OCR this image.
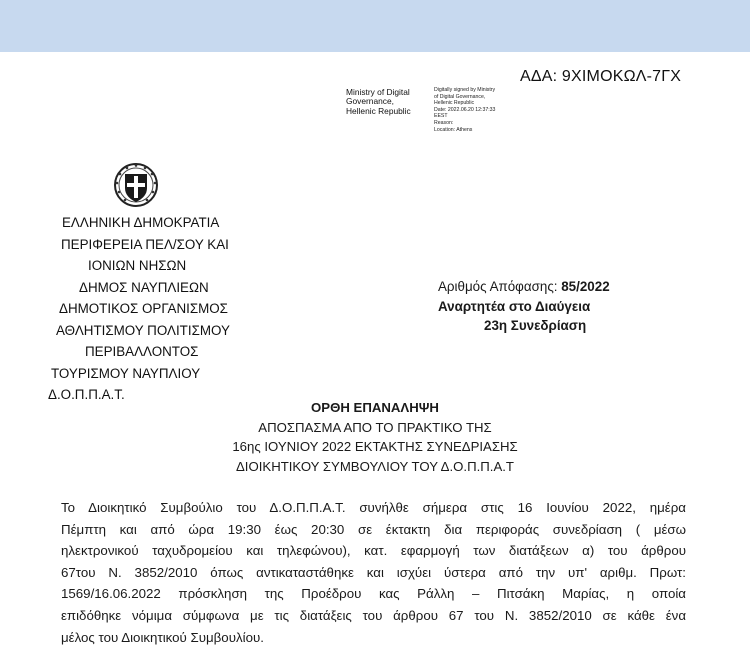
ΑΔΑ: 9ΧΙΜΟΚΩΛ-7ΓΧ
Ministry of Digital
Governance,
Hellenic Republic
Digitally signed by Ministry
of Digital Governance,
Hellenic Republic
Date: 2022.06.20 12:37:33
EEST
Reason:
Location: Athens
ΕΛΛΗΝΙΚΗ ΔΗΜΟΚΡΑΤΙΑ
ΠΕΡΙΦΕΡΕΙΑ ΠΕΛ/ΣΟΥ ΚΑΙ
ΙΟΝΙΩΝ ΝΗΣΩΝ
ΔΗΜΟΣ ΝΑΥΠΛΙΕΩΝ
ΔΗΜΟΤΙΚΟΣ ΟΡΓΑΝΙΣΜΟΣ
ΑΘΛΗΤΙΣΜΟΥ ΠΟΛΙΤΙΣΜΟΥ
ΠΕΡΙΒΑΛΛΟΝΤΟΣ
ΤΟΥΡΙΣΜΟΥ ΝΑΥΠΛΙΟΥ
Δ.Ο.Π.Π.Α.Τ.
Αριθμός Απόφασης: 85/2022
Αναρτητέα στο Διαύγεια
23η Συνεδρίαση
ΟΡΘΗ ΕΠΑΝΑΛΗΨΗ
ΑΠΟΣΠΑΣΜΑ ΑΠΟ ΤΟ ΠΡΑΚΤΙΚΟ ΤΗΣ
16ης ΙΟΥΝΙΟΥ 2022 ΕΚΤΑΚΤΗΣ ΣΥΝΕΔΡΙΑΣΗΣ
ΔΙΟΙΚΗΤΙΚΟΥ ΣΥΜΒΟΥΛΙΟΥ ΤΟΥ Δ.Ο.Π.Π.Α.Τ
Το Διοικητικό Συμβούλιο του Δ.Ο.Π.Π.Α.Τ. συνήλθε σήμερα στις 16 Ιουνίου 2022, ημέρα
Πέμπτη και από ώρα 19:30 έως 20:30 σε έκτακτη δια περιφοράς συνεδρίαση ( μέσω
ηλεκτρονικού ταχυδρομείου και τηλεφώνου), κατ. εφαρμογή των διατάξεων α) του άρθρου
67του Ν. 3852/2010 όπως αντικαταστάθηκε και ισχύει ύστερα από την υπ' αριθμ. Πρωτ:
1569/16.06.2022 πρόσκληση της Προέδρου κας Ράλλη – Πιτσάκη Μαρίας, η οποία
επιδόθηκε νόμιμα σύμφωνα με τις διατάξεις του άρθρου 67 του Ν. 3852/2010 σε κάθε ένα
μέλος του Διοικητικού Συμβουλίου.
